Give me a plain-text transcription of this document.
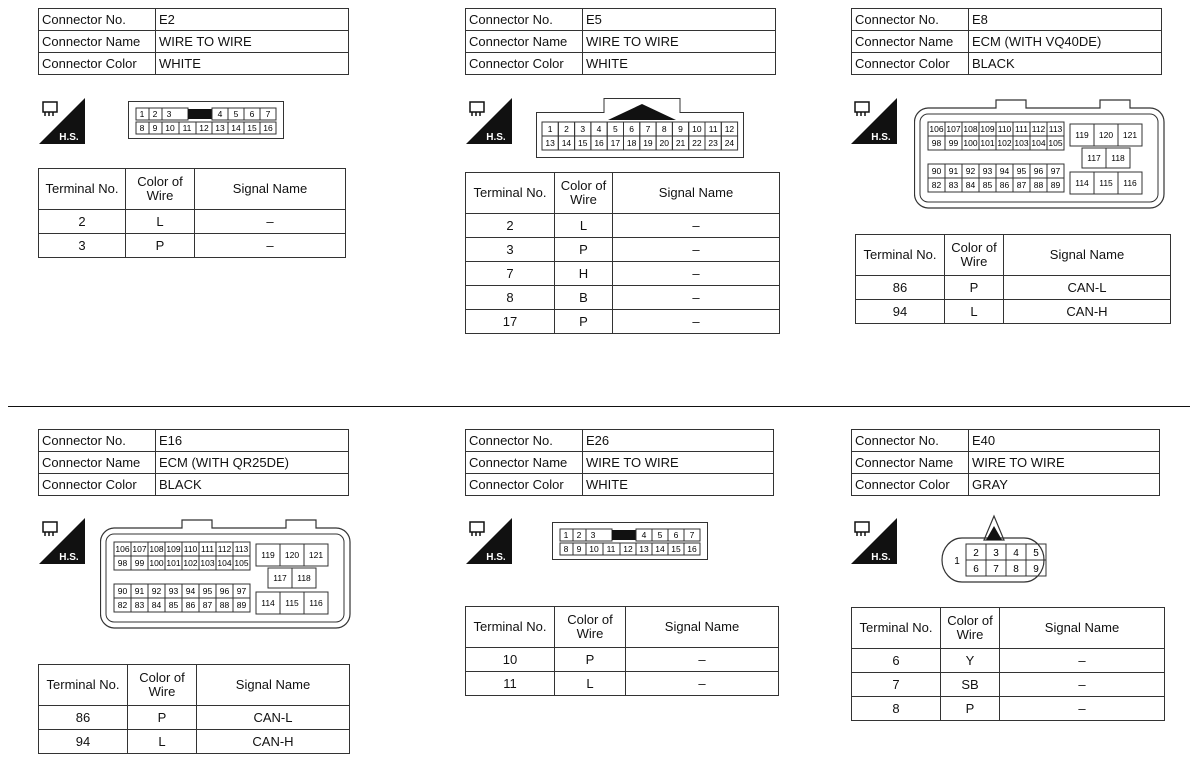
Connector No.	E2
Connector Name	WIRE TO WIRE
Connector Color	WHITE
H.S.
1 2 3	4 5 6 7
8 9 10 11 12 13 14 15 16
Terminal No.	Color of Wire	Signal Name
2	L	–
3	P	–
Connector No.	E5
Connector Name	WIRE TO WIRE
Connector Color	WHITE
H.S.
1 2 3 4 5 6 7 8 9 10 11 12
13 14 15 16 17 18 19 20 21 22 23 24
Terminal No.	Color of Wire	Signal Name
2	L	–
3	P	–
7	H	–
8	B	–
17	P	–
Connector No.	E8
Connector Name	ECM (WITH VQ40DE)
Connector Color	BLACK
H.S.
106 107 108 109 110 111 112 113
98 99 100 101 102 103 104 105
90 91 92 93 94 95 96 97
82 83 84 85 86 87 88 89
119 120 121
117 118
114 115 116
Terminal No.	Color of Wire	Signal Name
86	P	CAN-L
94	L	CAN-H
Connector No.	E16
Connector Name	ECM (WITH QR25DE)
Connector Color	BLACK
H.S.
106 107 108 109 110 111 112 113
98 99 100 101 102 103 104 105
90 91 92 93 94 95 96 97
82 83 84 85 86 87 88 89
119 120 121
117 118
114 115 116
Terminal No.	Color of Wire	Signal Name
86	P	CAN-L
94	L	CAN-H
Connector No.	E26
Connector Name	WIRE TO WIRE
Connector Color	WHITE
H.S.
1 2 3	4 5 6 7
8 9 10 11 12 13 14 15 16
Terminal No.	Color of Wire	Signal Name
10	P	–
11	L	–
Connector No.	E40
Connector Name	WIRE TO WIRE
Connector Color	GRAY
H.S.	1
2 3 4 5
6 7 8 9
Terminal No.	Color of Wire	Signal Name
6	Y	–
7	SB	–
8	P	–
